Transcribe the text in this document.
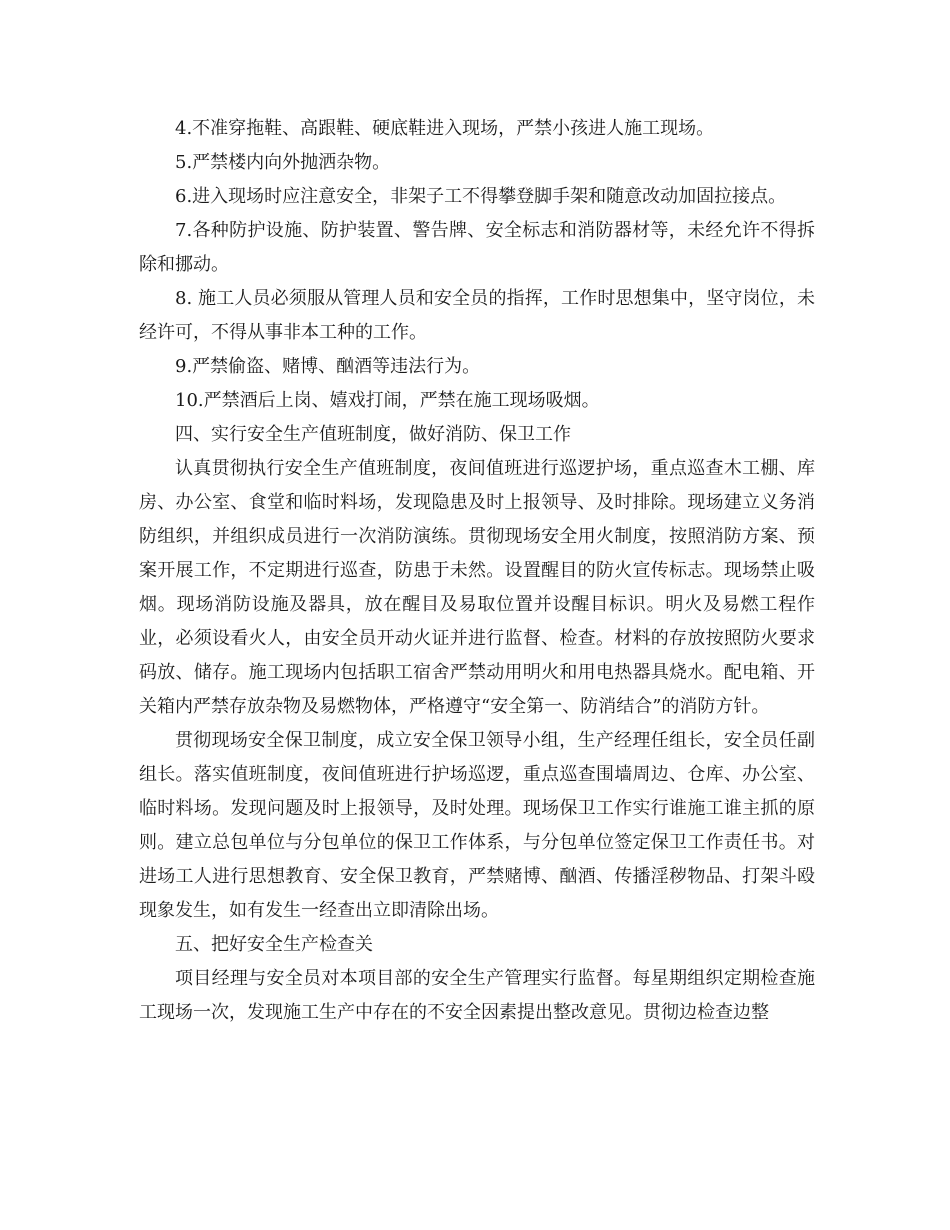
4.不准穿拖鞋、高跟鞋、硬底鞋进入现场，严禁小孩进人施工现场。

5.严禁楼内向外抛洒杂物。

6.进入现场时应注意安全，非架子工不得攀登脚手架和随意改动加固拉接点。

7.各种防护设施、防护装置、警告牌、安全标志和消防器材等，未经允许不得拆除和挪动。

8. 施工人员必须服从管理人员和安全员的指挥，工作时思想集中，坚守岗位，未经许可，不得从事非本工种的工作。

9.严禁偷盗、赌博、酗酒等违法行为。

10.严禁酒后上岗、嬉戏打闹，严禁在施工现场吸烟。

四、实行安全生产值班制度，做好消防、保卫工作

认真贯彻执行安全生产值班制度，夜间值班进行巡逻护场，重点巡查木工棚、库房、办公室、食堂和临时料场，发现隐患及时上报领导、及时排除。现场建立义务消防组织，并组织成员进行一次消防演练。贯彻现场安全用火制度，按照消防方案、预案开展工作，不定期进行巡查，防患于未然。设置醒目的防火宣传标志。现场禁止吸烟。现场消防设施及器具，放在醒目及易取位置并设醒目标识。明火及易燃工程作业，必须设看火人，由安全员开动火证并进行监督、检查。材料的存放按照防火要求码放、储存。施工现场内包括职工宿舍严禁动用明火和用电热器具烧水。配电箱、开关箱内严禁存放杂物及易燃物体，严格遵守“安全第一、防消结合”的消防方针。

贯彻现场安全保卫制度，成立安全保卫领导小组，生产经理任组长，安全员任副组长。落实值班制度，夜间值班进行护场巡逻，重点巡查围墙周边、仓库、办公室、临时料场。发现问题及时上报领导，及时处理。现场保卫工作实行谁施工谁主抓的原则。建立总包单位与分包单位的保卫工作体系，与分包单位签定保卫工作责任书。对进场工人进行思想教育、安全保卫教育，严禁赌博、酗酒、传播淫秽物品、打架斗殴现象发生，如有发生一经查出立即清除出场。

五、把好安全生产检查关

项目经理与安全员对本项目部的安全生产管理实行监督。每星期组织定期检查施工现场一次，发现施工生产中存在的不安全因素提出整改意见。贯彻边检查边整
